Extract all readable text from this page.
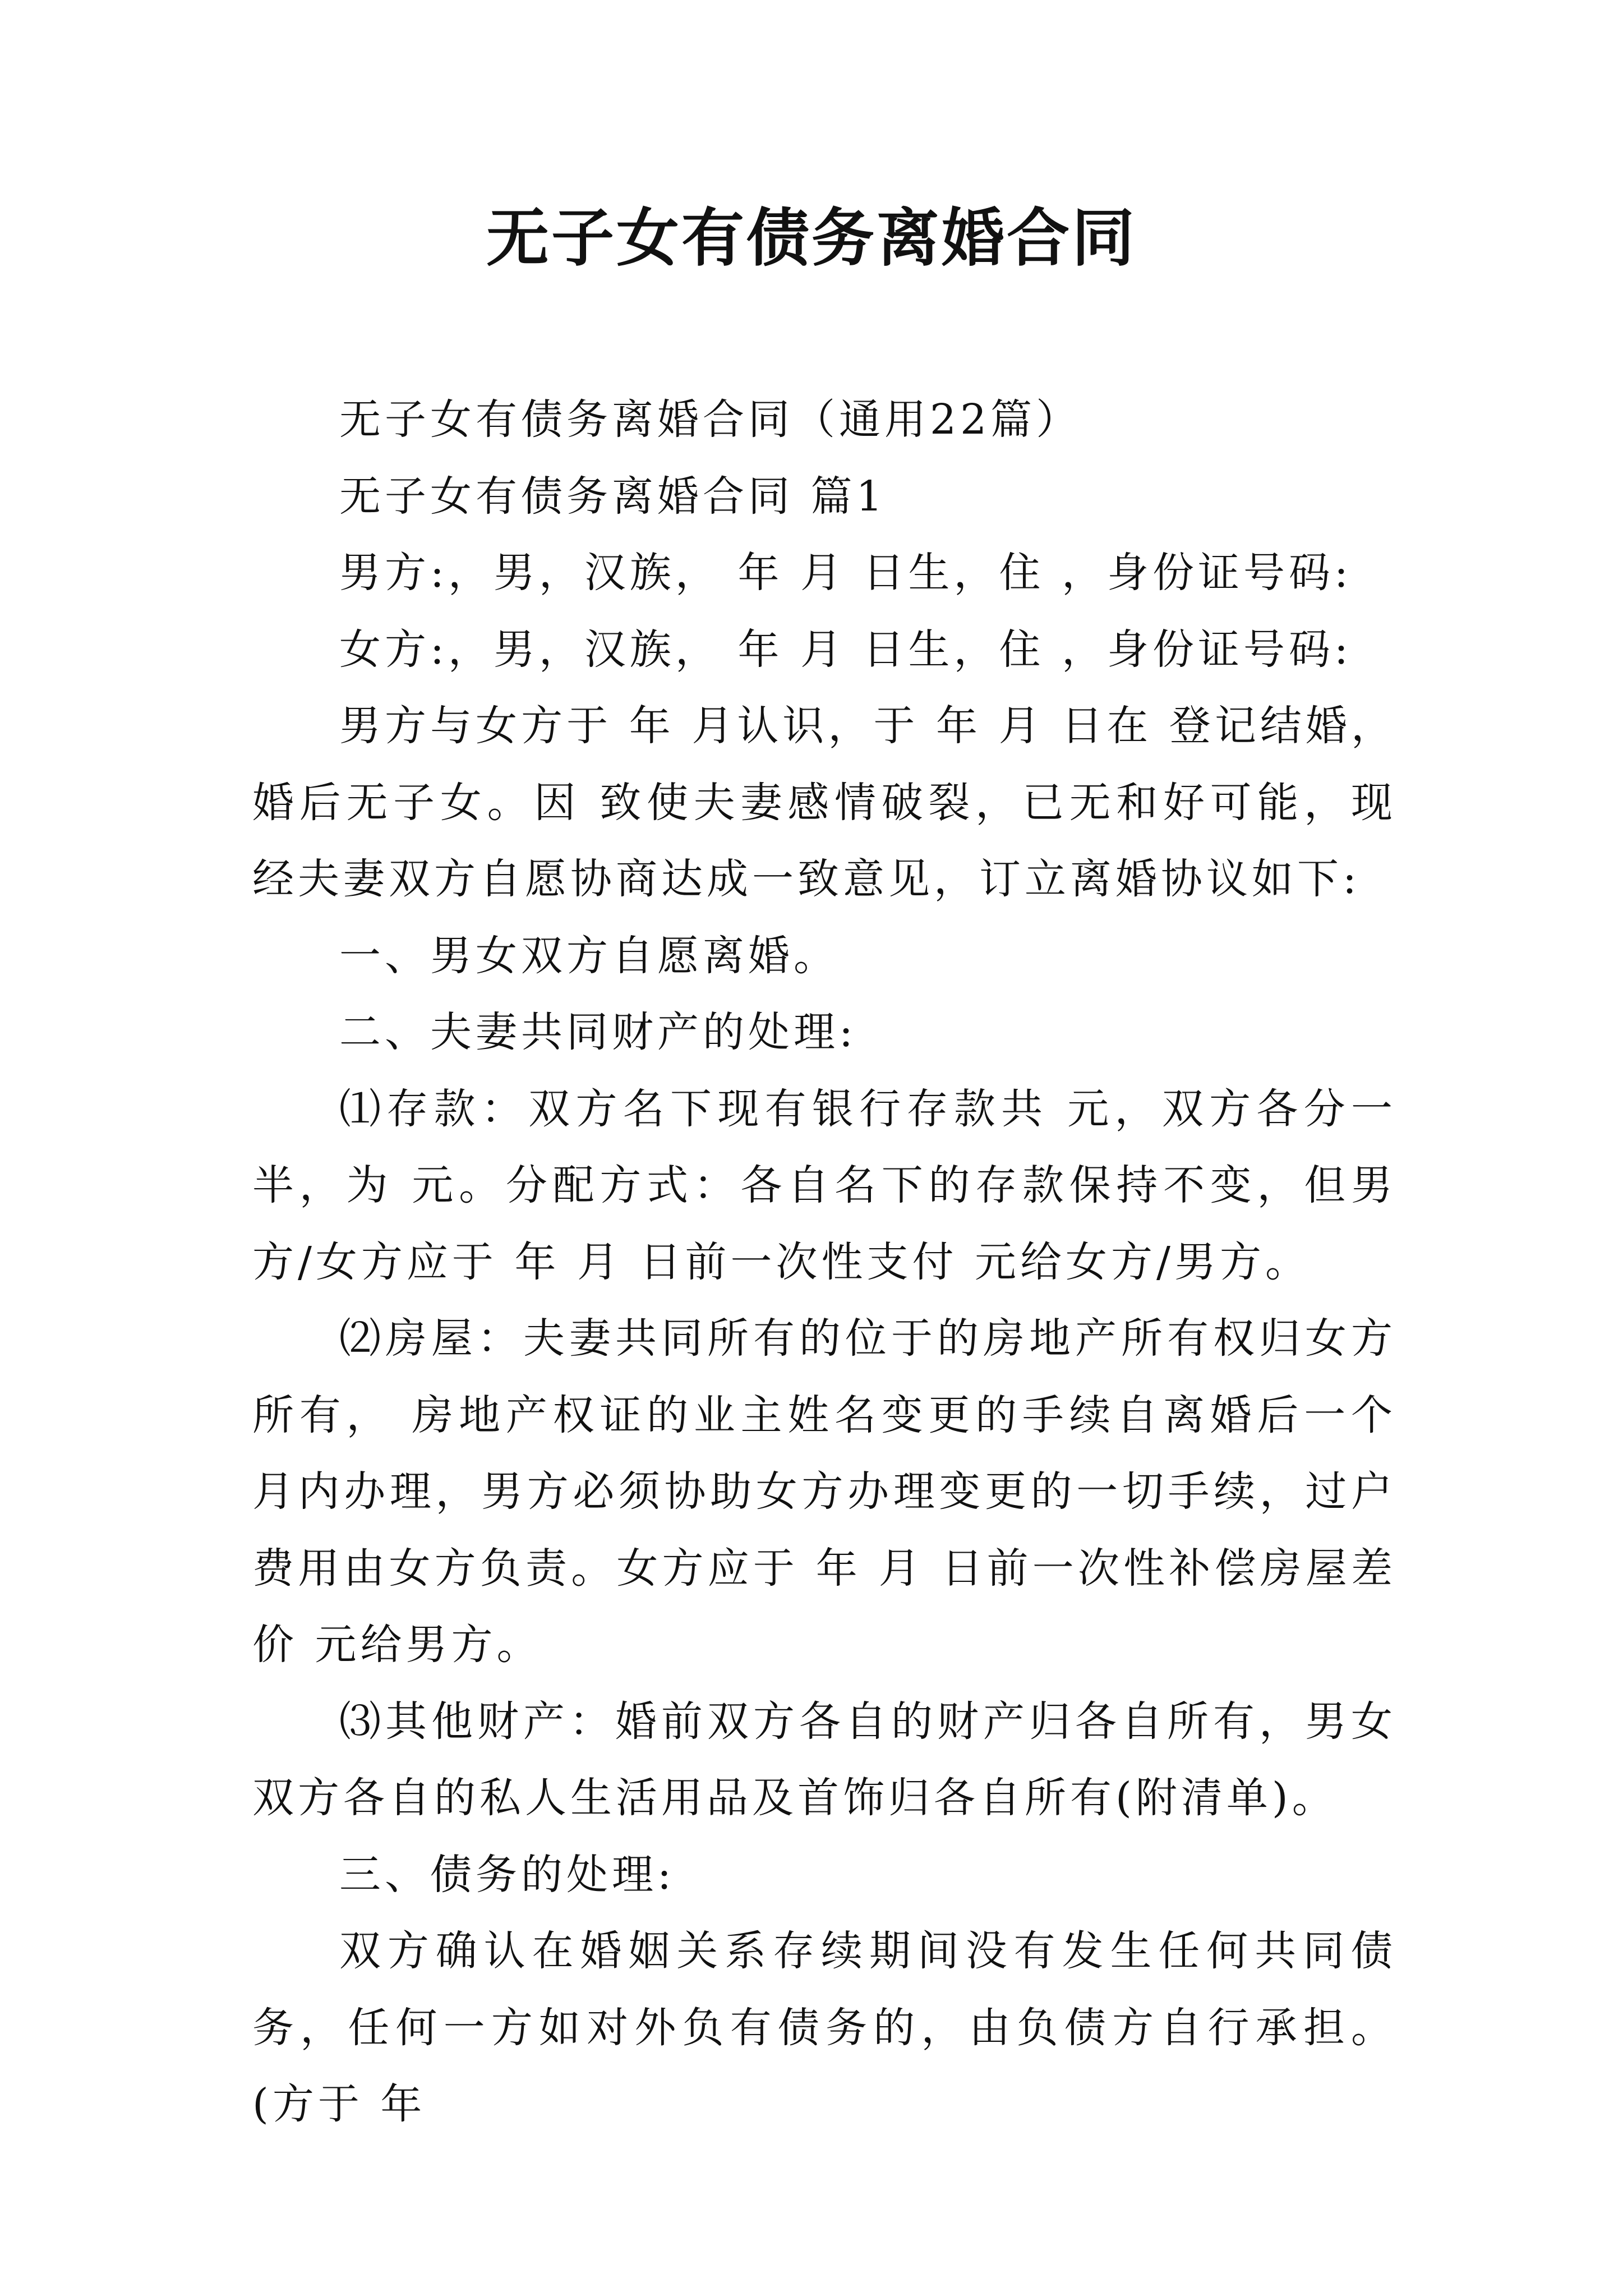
无子女有债务离婚合同

无子女有债务离婚合同（通用22篇）

无子女有债务离婚合同 篇1

男方:，男，汉族， 年 月 日生，住 ，身份证号码:

女方:，男，汉族， 年 月 日生，住 ，身份证号码:

男方与女方于 年 月认识，于 年 月 日在 登记结婚，婚后无子女。因 致使夫妻感情破裂，已无和好可能，现经夫妻双方自愿协商达成一致意见，订立离婚协议如下:

一、男女双方自愿离婚。

二、夫妻共同财产的处理:

⑴存款：双方名下现有银行存款共 元，双方各分一半，为 元。分配方式：各自名下的存款保持不变，但男方/女方应于 年 月 日前一次性支付 元给女方/男方。

⑵房屋：夫妻共同所有的位于的房地产所有权归女方所有， 房地产权证的业主姓名变更的手续自离婚后一个月内办理，男方必须协助女方办理变更的一切手续，过户费用由女方负责。女方应于 年 月 日前一次性补偿房屋差价 元给男方。

⑶其他财产：婚前双方各自的财产归各自所有，男女双方各自的私人生活用品及首饰归各自所有(附清单)。

三、债务的处理:

双方确认在婚姻关系存续期间没有发生任何共同债务，任何一方如对外负有债务的，由负债方自行承担。(方于 年
